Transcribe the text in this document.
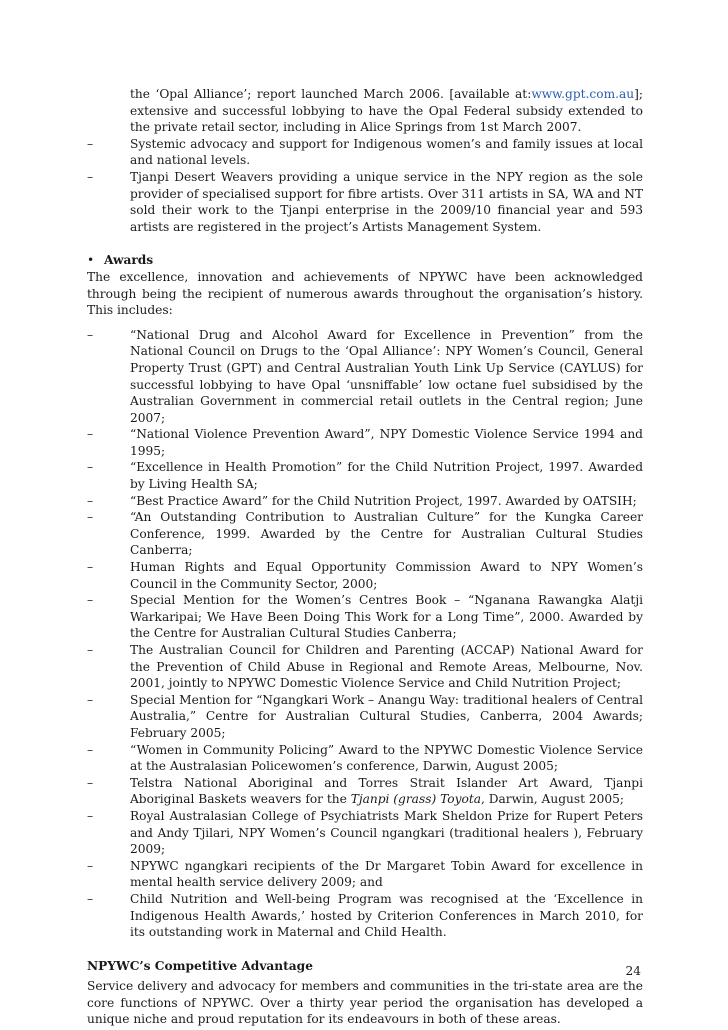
the ‘Opal Alliance’; report launched March 2006. [available at:www.gpt.com.au]; extensive and successful lobbying to have the Opal Federal subsidy extended to the private retail sector, including in Alice Springs from 1st March 2007.
–	Systemic advocacy and support for Indigenous women’s and family issues at local and national levels.
–	Tjanpi Desert Weavers providing a unique service in the NPY region as the sole provider of specialised support for fibre artists. Over 311 artists in SA, WA and NT sold their work to the Tjanpi enterprise in the 2009/10 financial year and 593 artists are registered in the project’s Artists Management System.
• Awards
The excellence, innovation and achievements of NPYWC have been acknowledged through being the recipient of numerous awards throughout the organisation’s history. This includes:
–	“National Drug and Alcohol Award for Excellence in Prevention” from the National Council on Drugs to the ‘Opal Alliance’: NPY Women’s Council, General Property Trust (GPT) and Central Australian Youth Link Up Service (CAYLUS) for successful lobbying to have Opal ‘unsniffable’ low octane fuel subsidised by the Australian Government in commercial retail outlets in the Central region; June 2007;
–	“National Violence Prevention Award”, NPY Domestic Violence Service 1994 and 1995;
–	“Excellence in Health Promotion” for the Child Nutrition Project, 1997. Awarded by Living Health SA;
–	“Best Practice Award” for the Child Nutrition Project, 1997. Awarded by OATSIH;
–	“An Outstanding Contribution to Australian Culture” for the Kungka Career Conference, 1999. Awarded by the Centre for Australian Cultural Studies Canberra;
–	Human Rights and Equal Opportunity Commission Award to NPY Women’s Council in the Community Sector, 2000;
–	Special Mention for the Women’s Centres Book – “Nganana Rawangka Alatji Warkaripai; We Have Been Doing This Work for a Long Time”, 2000. Awarded by the Centre for Australian Cultural Studies Canberra;
–	The Australian Council for Children and Parenting (ACCAP) National Award for the Prevention of Child Abuse in Regional and Remote Areas, Melbourne, Nov. 2001, jointly to NPYWC Domestic Violence Service and Child Nutrition Project;
–	Special Mention for “Ngangkari Work – Anangu Way: traditional healers of Central Australia,” Centre for Australian Cultural Studies, Canberra, 2004 Awards; February 2005;
–	“Women in Community Policing” Award to the NPYWC Domestic Violence Service at the Australasian Policewomen’s conference, Darwin, August 2005;
–	Telstra National Aboriginal and Torres Strait Islander Art Award, Tjanpi Aboriginal Baskets weavers for the Tjanpi (grass) Toyota, Darwin, August 2005;
–	Royal Australasian College of Psychiatrists Mark Sheldon Prize for Rupert Peters and Andy Tjilari, NPY Women’s Council ngangkari (traditional healers ), February 2009;
–	NPYWC ngangkari recipients of the Dr Margaret Tobin Award for excellence in mental health service delivery 2009; and
–	Child Nutrition and Well-being Program was recognised at the ‘Excellence in Indigenous Health Awards,’ hosted by Criterion Conferences in March 2010, for its outstanding work in Maternal and Child Health.
NPYWC’s Competitive Advantage
Service delivery and advocacy for members and communities in the tri-state area are the core functions of NPYWC. Over a thirty year period the organisation has developed a unique niche and proud reputation for its endeavours in both of these areas.
24
